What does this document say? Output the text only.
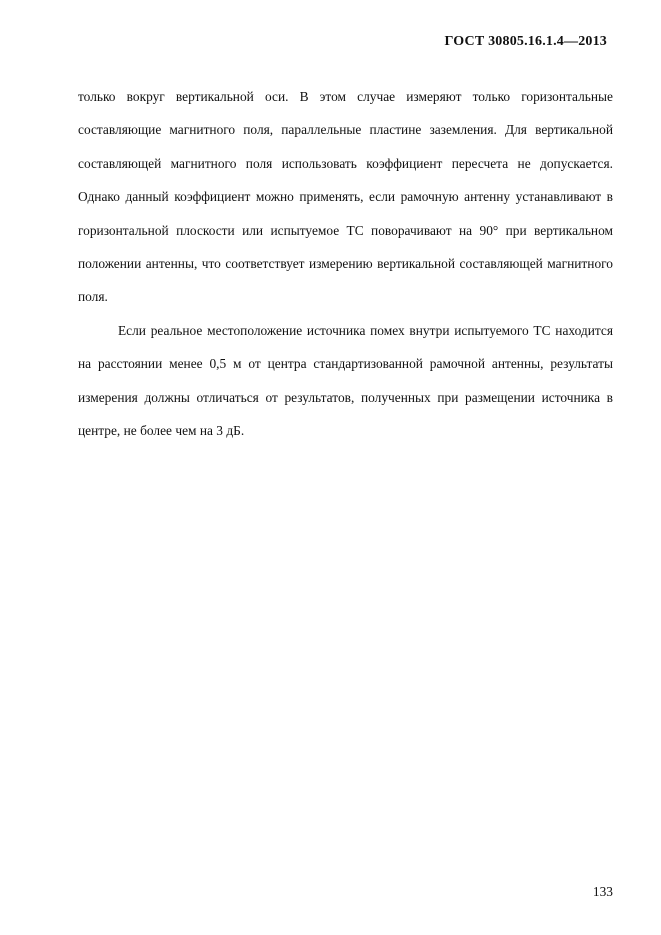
ГОСТ 30805.16.1.4—2013

только вокруг вертикальной оси. В этом случае измеряют только горизонтальные составляющие магнитного поля, параллельные пластине заземления. Для вертикальной составляющей магнитного поля использовать коэффициент пересчета не допускается. Однако данный коэффициент можно применять, если рамочную антенну устанавливают в горизонтальной плоскости или испытуемое ТС поворачивают на 90° при вертикальном положении антенны, что соответствует измерению вертикальной составляющей магнитного поля.

Если реальное местоположение источника помех внутри испытуемого ТС находится на расстоянии менее 0,5 м от центра стандартизованной рамочной антенны, результаты измерения должны отличаться от результатов, полученных при размещении источника в центре, не более чем на 3 дБ.

133
